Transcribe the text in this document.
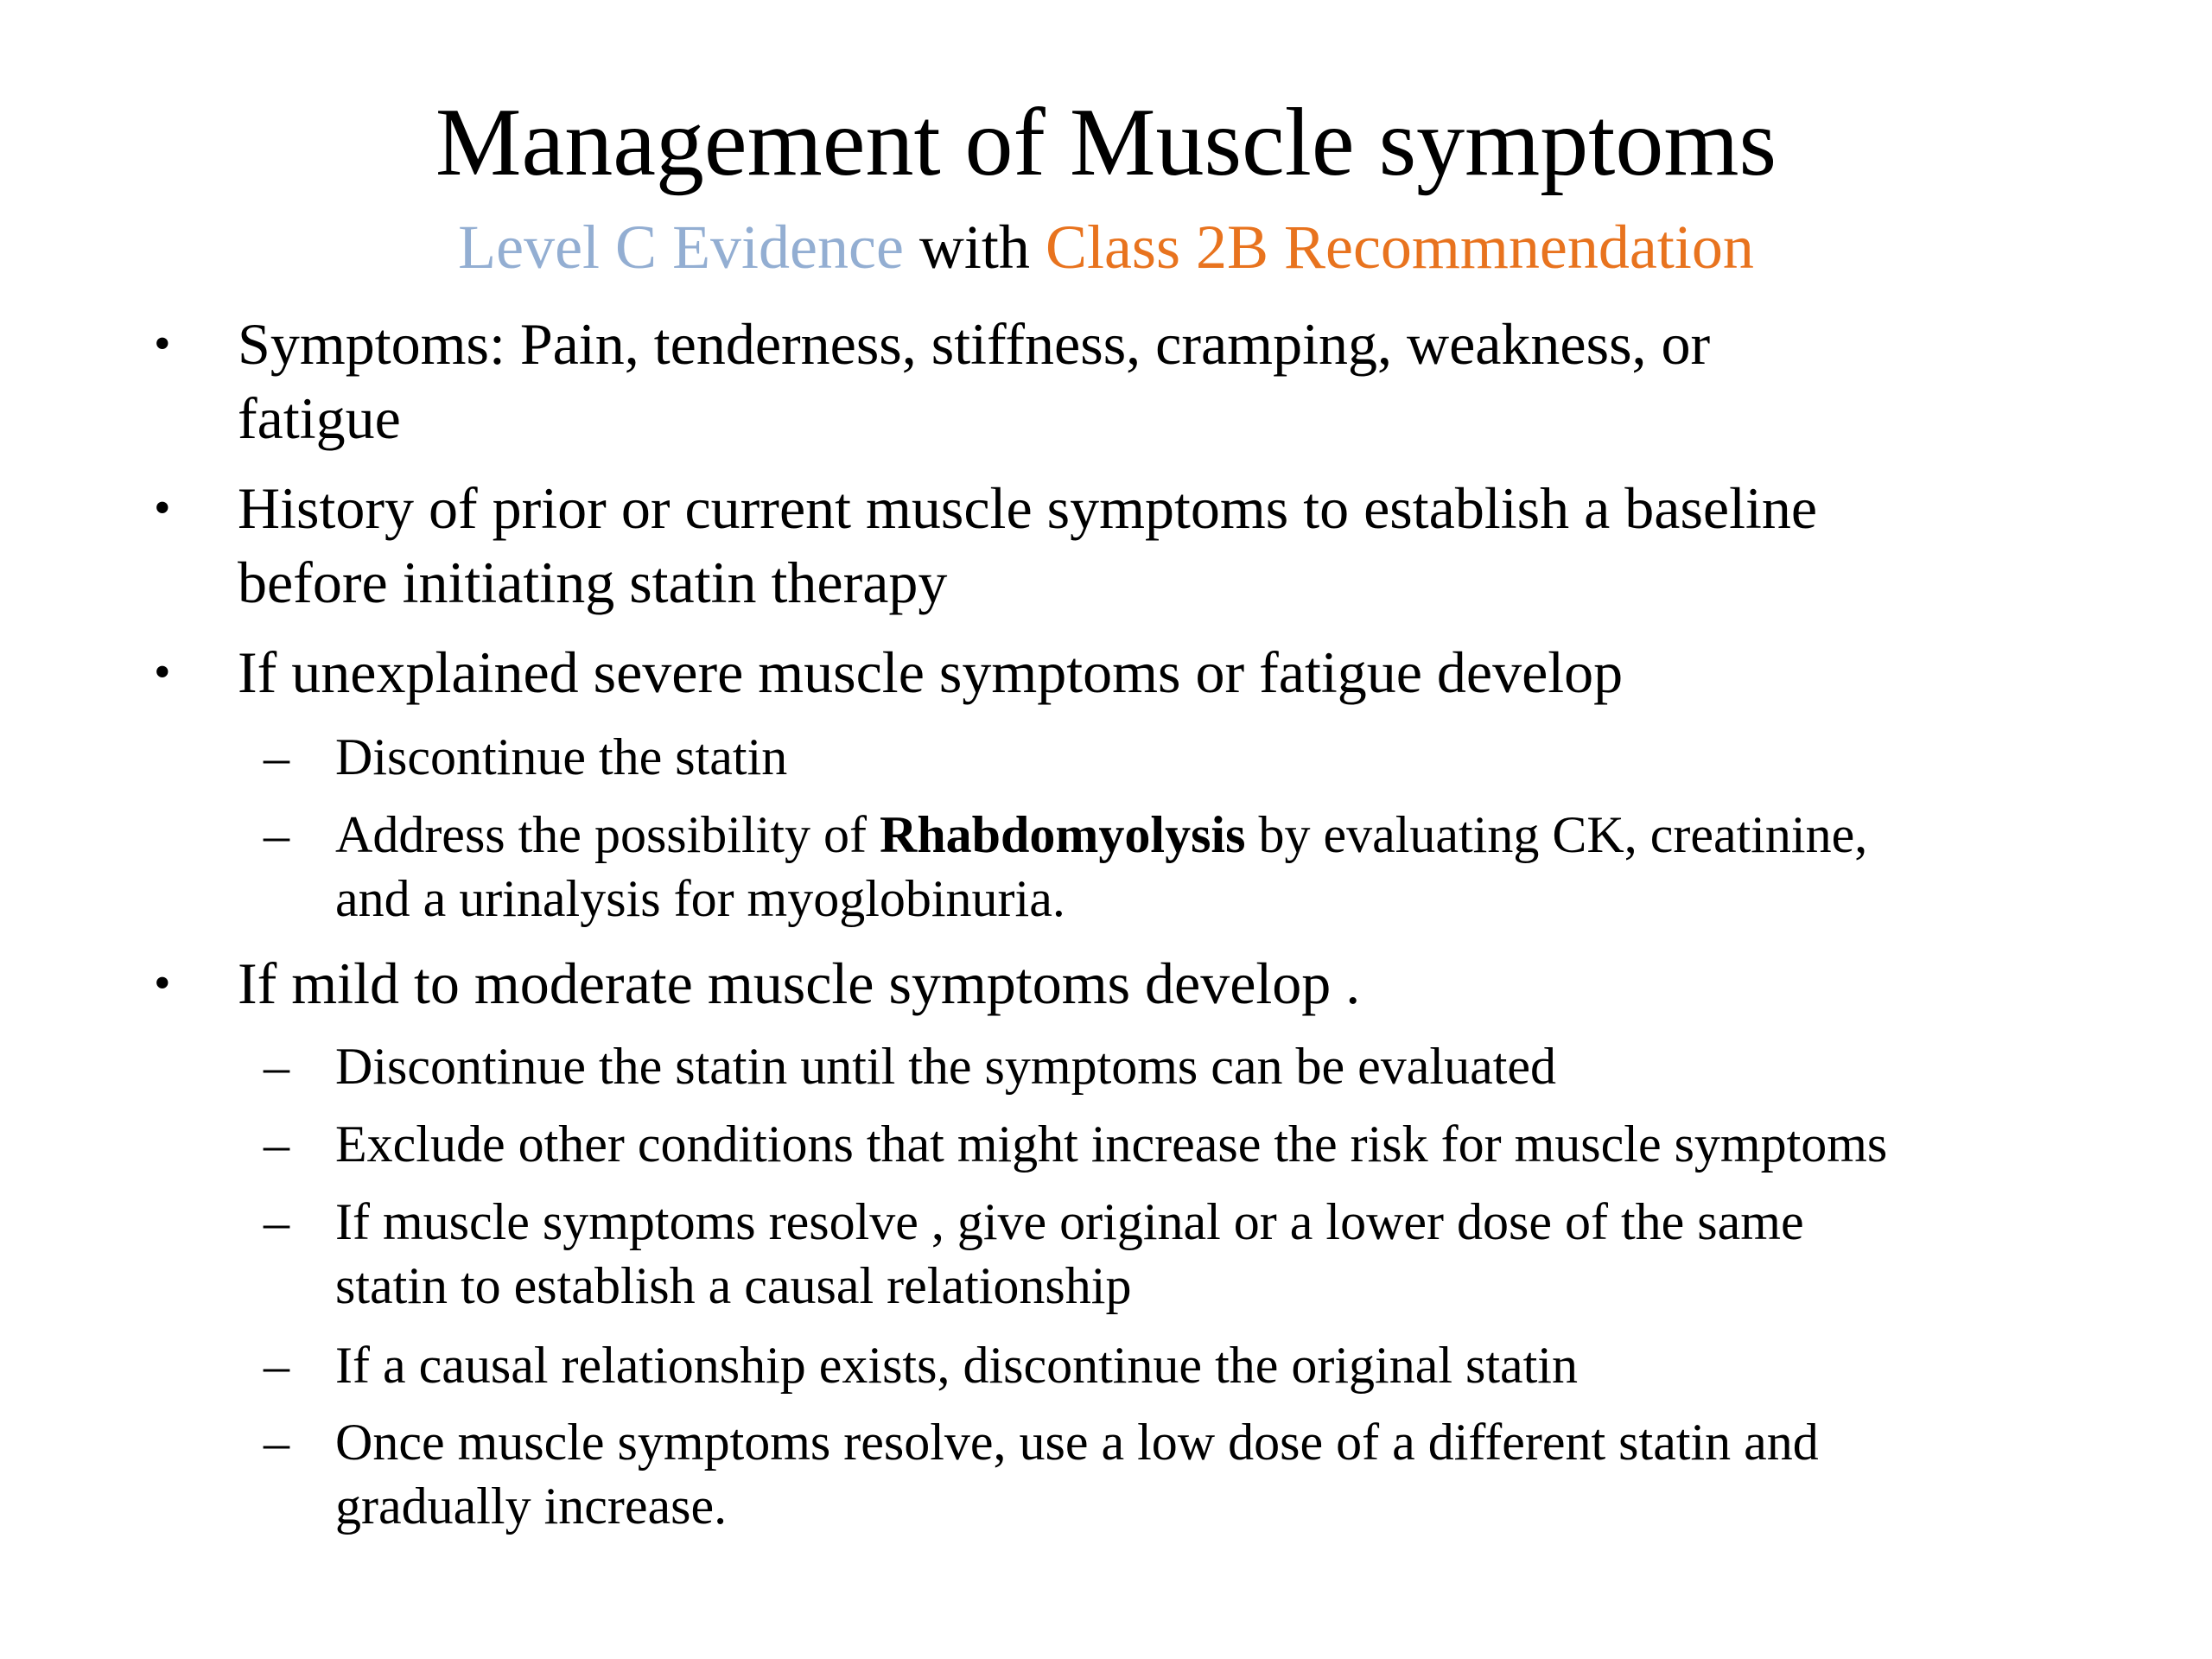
Management of Muscle symptoms
Level C Evidence with Class 2B Recommnendation
• Symptoms: Pain, tenderness, stiffness, cramping, weakness, or
fatigue
• History of prior or current muscle symptoms to establish a baseline
before initiating statin therapy
• If unexplained severe muscle symptoms or fatigue develop
– Discontinue the statin
– Address the possibility of Rhabdomyolysis by evaluating CK, creatinine,
and a urinalysis for myoglobinuria.
• If mild to moderate muscle symptoms develop .
– Discontinue the statin until the symptoms can be evaluated
– Exclude other conditions that might increase the risk for muscle symptoms
– If muscle symptoms resolve , give original or a lower dose of the same
statin to establish a causal relationship
– If a causal relationship exists, discontinue the original statin
– Once muscle symptoms resolve, use a low dose of a different statin and
gradually increase.
